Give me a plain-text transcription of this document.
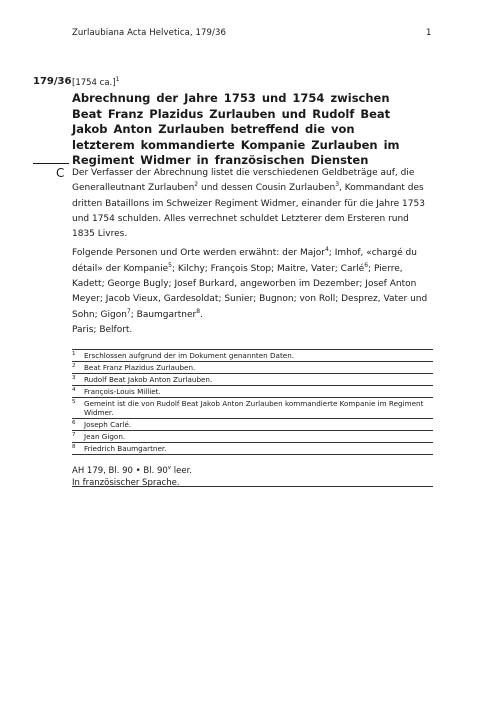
Zurlaubiana Acta Helvetica, 179/36	1
179/36 [1754 ca.]$^1$
Abrechnung der Jahre 1753 und 1754 zwischen Beat Franz Plazidus Zurlauben und Rudolf Beat Jakob Anton Zurlauben betreffend die von letzterem kommandierte Kompanie Zurlauben im Regiment Widmer in französischen Diensten
C Der Verfasser der Abrechnung listet die verschiedenen Geldbeträge auf, die Generalleutnant Zurlauben$^2$ und dessen Cousin Zurlauben$^3$, Kommandant des dritten Bataillons im Schweizer Regiment Widmer, einander für die Jahre 1753 und 1754 schulden. Alles verrechnet schuldet Letzterer dem Ersteren rund 1835 Livres.

Folgende Personen und Orte werden erwähnt: der Major$^4$; Imhof, «chargé du détail» der Kompanie$^5$; Kilchy; François Stop; Maitre, Vater; Carlé$^6$; Pierre, Kadett; George Bugly; Josef Burkard, angeworben im Dezember; Josef Anton Meyer; Jacob Vieux, Gardesoldat; Sunier; Bugnon; von Roll; Desprez, Vater und Sohn; Gigon$^7$; Baumgartner$^8$.
Paris; Belfort.

1	Erschlossen aufgrund der im Dokument genannten Daten.
2	Beat Franz Plazidus Zurlauben.
3	Rudolf Beat Jakob Anton Zurlauben.
4	François-Louis Milliet.
5	Gemeint ist die von Rudolf Beat Jakob Anton Zurlauben kommandierte Kompanie im Regiment Widmer.
6	Joseph Carlé.
7	Jean Gigon.
8	Friedrich Baumgartner.
AH 179, Bl. 90 • Bl. 90$^v$ leer.
In französischer Sprache.
